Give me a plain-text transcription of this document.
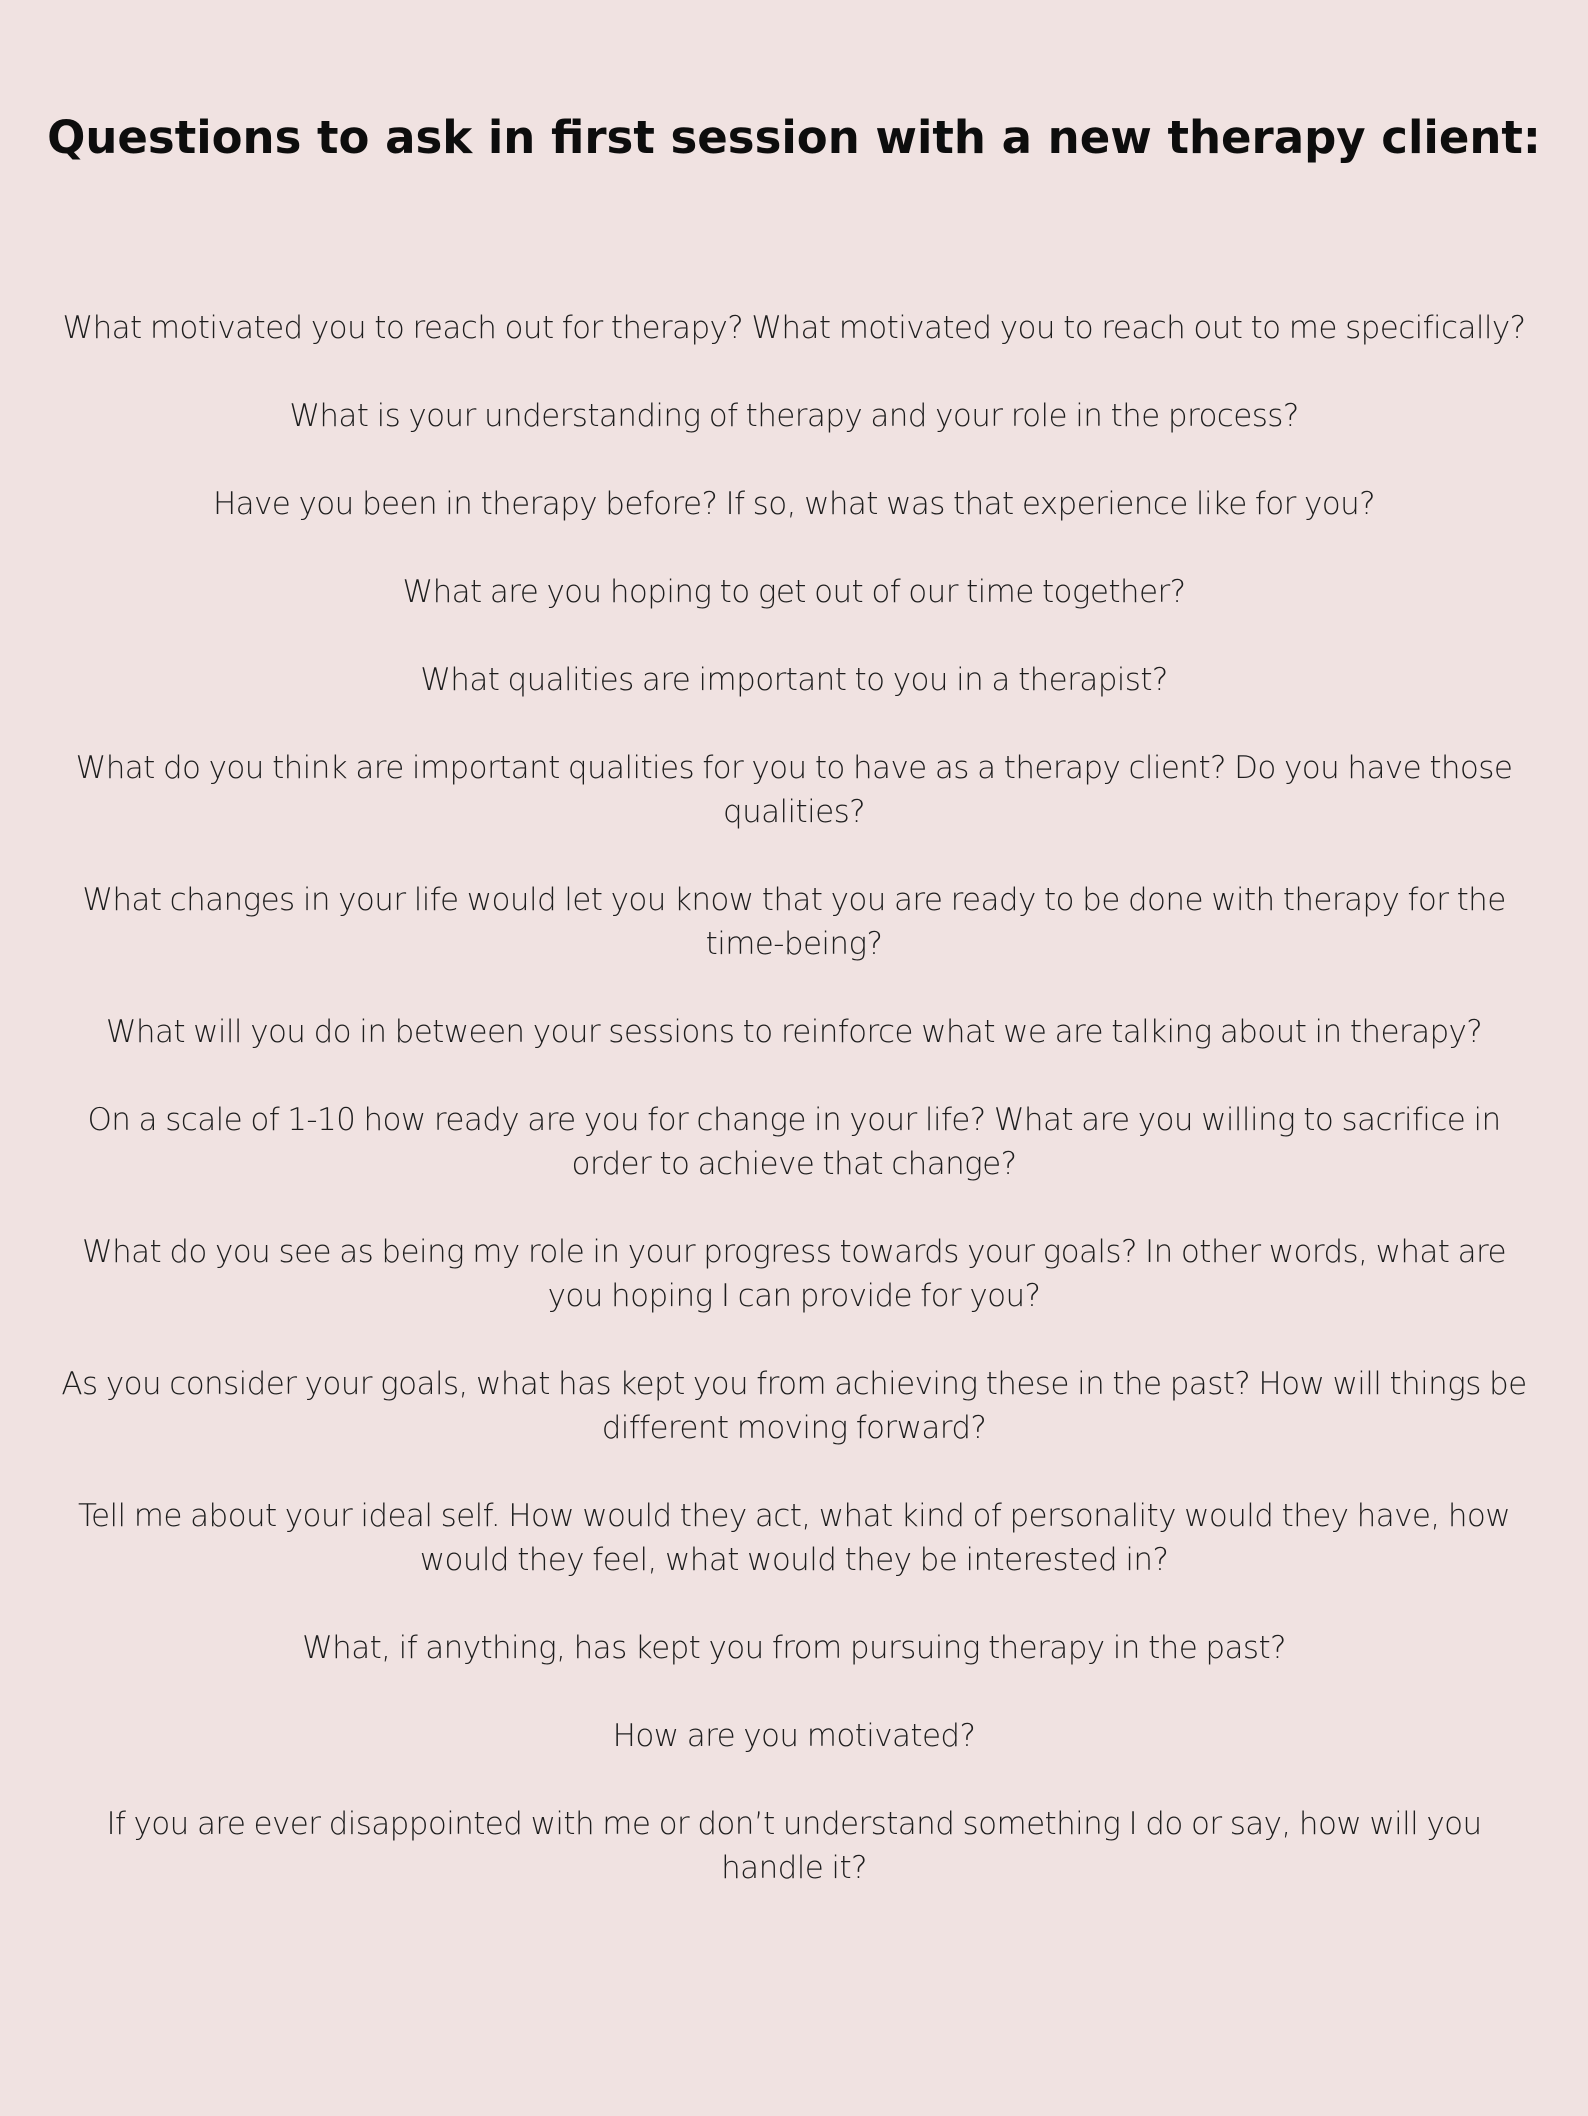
Questions to ask in first session with a new therapy client:
What motivated you to reach out for therapy? What motivated you to reach out to me specifically?
What is your understanding of therapy and your role in the process?
Have you been in therapy before? If so, what was that experience like for you?
What are you hoping to get out of our time together?
What qualities are important to you in a therapist?
What do you think are important qualities for you to have as a therapy client? Do you have those qualities?
What changes in your life would let you know that you are ready to be done with therapy for the time-being?
What will you do in between your sessions to reinforce what we are talking about in therapy?
On a scale of 1-10 how ready are you for change in your life? What are you willing to sacrifice in order to achieve that change?
What do you see as being my role in your progress towards your goals? In other words, what are you hoping I can provide for you?
As you consider your goals, what has kept you from achieving these in the past? How will things be different moving forward?
Tell me about your ideal self. How would they act, what kind of personality would they have, how would they feel, what would they be interested in?
What, if anything, has kept you from pursuing therapy in the past?
How are you motivated?
If you are ever disappointed with me or don’t understand something I do or say, how will you handle it?
